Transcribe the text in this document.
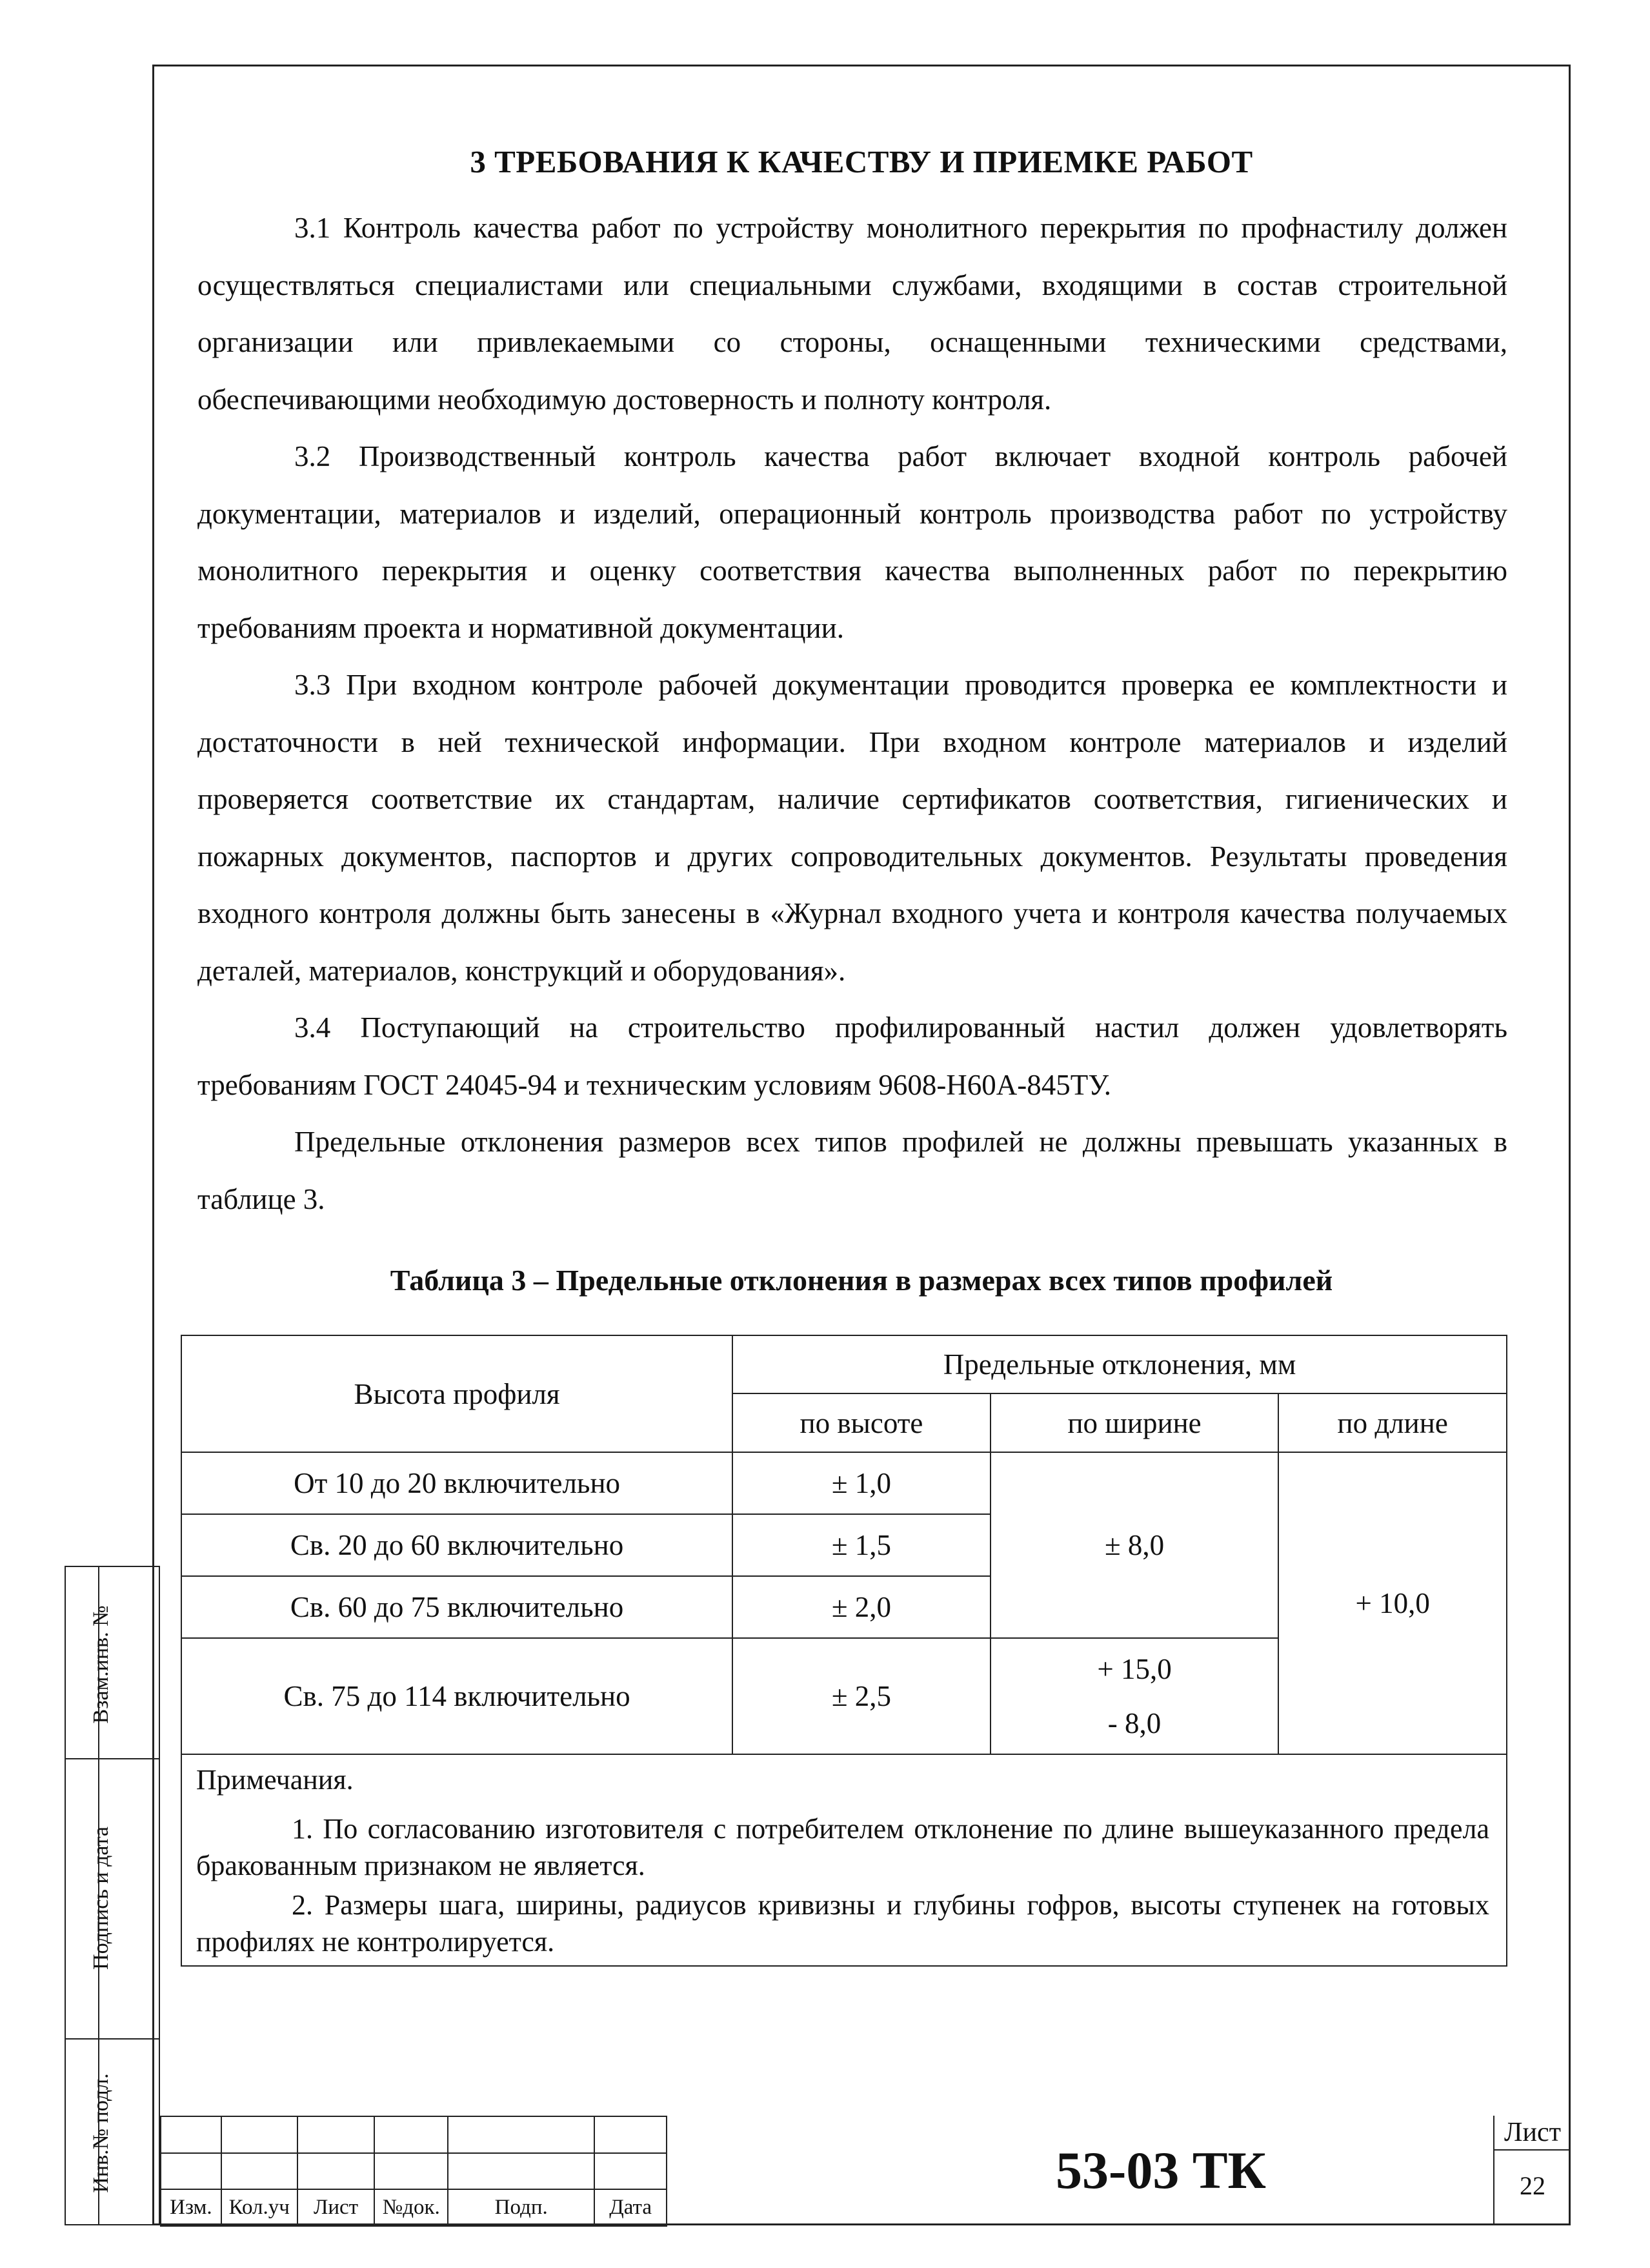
3 ТРЕБОВАНИЯ К КАЧЕСТВУ И ПРИЕМКЕ РАБОТ

3.1 Контроль качества работ по устройству монолитного перекрытия по профнастилу должен осуществляться специалистами или специальными службами, входящими в состав строительной организации или привлекаемыми со стороны, оснащенными техническими средствами, обеспечивающими необходимую достоверность и полноту контроля.

3.2 Производственный контроль качества работ включает входной контроль рабочей документации, материалов и изделий, операционный контроль производства работ по устройству монолитного перекрытия и оценку соответствия качества выполненных работ по перекрытию требованиям проекта и нормативной документации.

3.3 При входном контроле рабочей документации проводится проверка ее комплектности и достаточности в ней технической информации. При входном контроле материалов и изделий проверяется соответствие их стандартам, наличие сертификатов соответствия, гигиенических и пожарных документов, паспортов и других сопроводительных документов. Результаты проведения входного контроля должны быть занесены в «Журнал входного учета и контроля качества получаемых деталей, материалов, конструкций и оборудования».

3.4 Поступающий на строительство профилированный настил должен удовлетворять требованиям ГОСТ 24045-94 и техническим условиям 9608-Н60А-845ТУ.

Предельные отклонения размеров всех типов профилей не должны превышать указанных в таблице 3.

Таблица 3 – Предельные отклонения в размерах всех типов профилей
Высота профиля	Предельные отклонения, мм		
	по высоте	по ширине	по длине
От 10 до 20 включительно	± 1,0	± 8,0	+ 10,0
Св. 20 до 60 включительно	± 1,5		
Св. 60 до 75 включительно	± 2,0		
Св. 75 до 114 включительно	± 2,5	+ 15,0
- 8,0	
Примечания.
1. По согласованию изготовителя с потребителем отклонение по длине вышеуказанного предела бракованным признаком не является.
2. Размеры шага, ширины, радиусов кривизны и глубины гофров, высоты ступенек на готовых профилях не контролируется.
Взам.инв. №
Подпись и дата
Инв.№ подл.

Изм.	Кол.уч	Лист	№док.	Подп.	Дата
53-03 ТК
Лист
22
